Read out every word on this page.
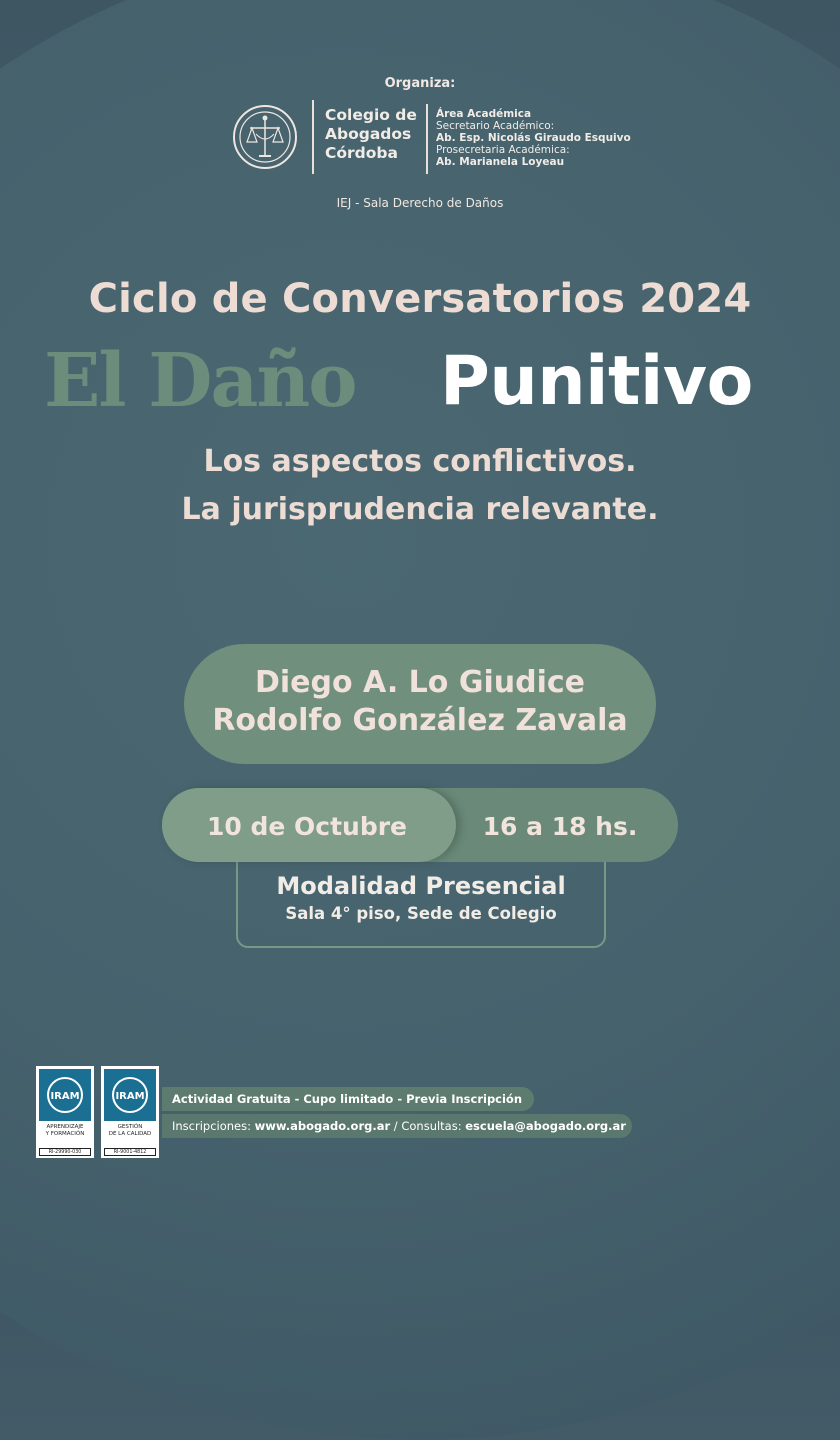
Organiza:
Colegio de
Abogados
Córdoba
Área Académica
Secretario Académico:
Ab. Esp. Nicolás Giraudo Esquivo
Prosecretaria Académica:
Ab. Marianela Loyeau
IEJ - Sala Derecho de Daños
Ciclo de Conversatorios 2024
El Daño Punitivo
Los aspectos conflictivos.
La jurisprudencia relevante.
Diego A. Lo Giudice
Rodolfo González Zavala
10 de Octubre	16 a 18 hs.
Modalidad Presencial
Sala 4° piso, Sede de Colegio
IRAM
APRENDIZAJE
Y FORMACIÓN
RI-29990-030
IRAM
GESTIÓN
DE LA CALIDAD
RI-9001-4812
Actividad Gratuita - Cupo limitado - Previa Inscripción
Inscripciones: www.abogado.org.ar / Consultas: escuela@abogado.org.ar
